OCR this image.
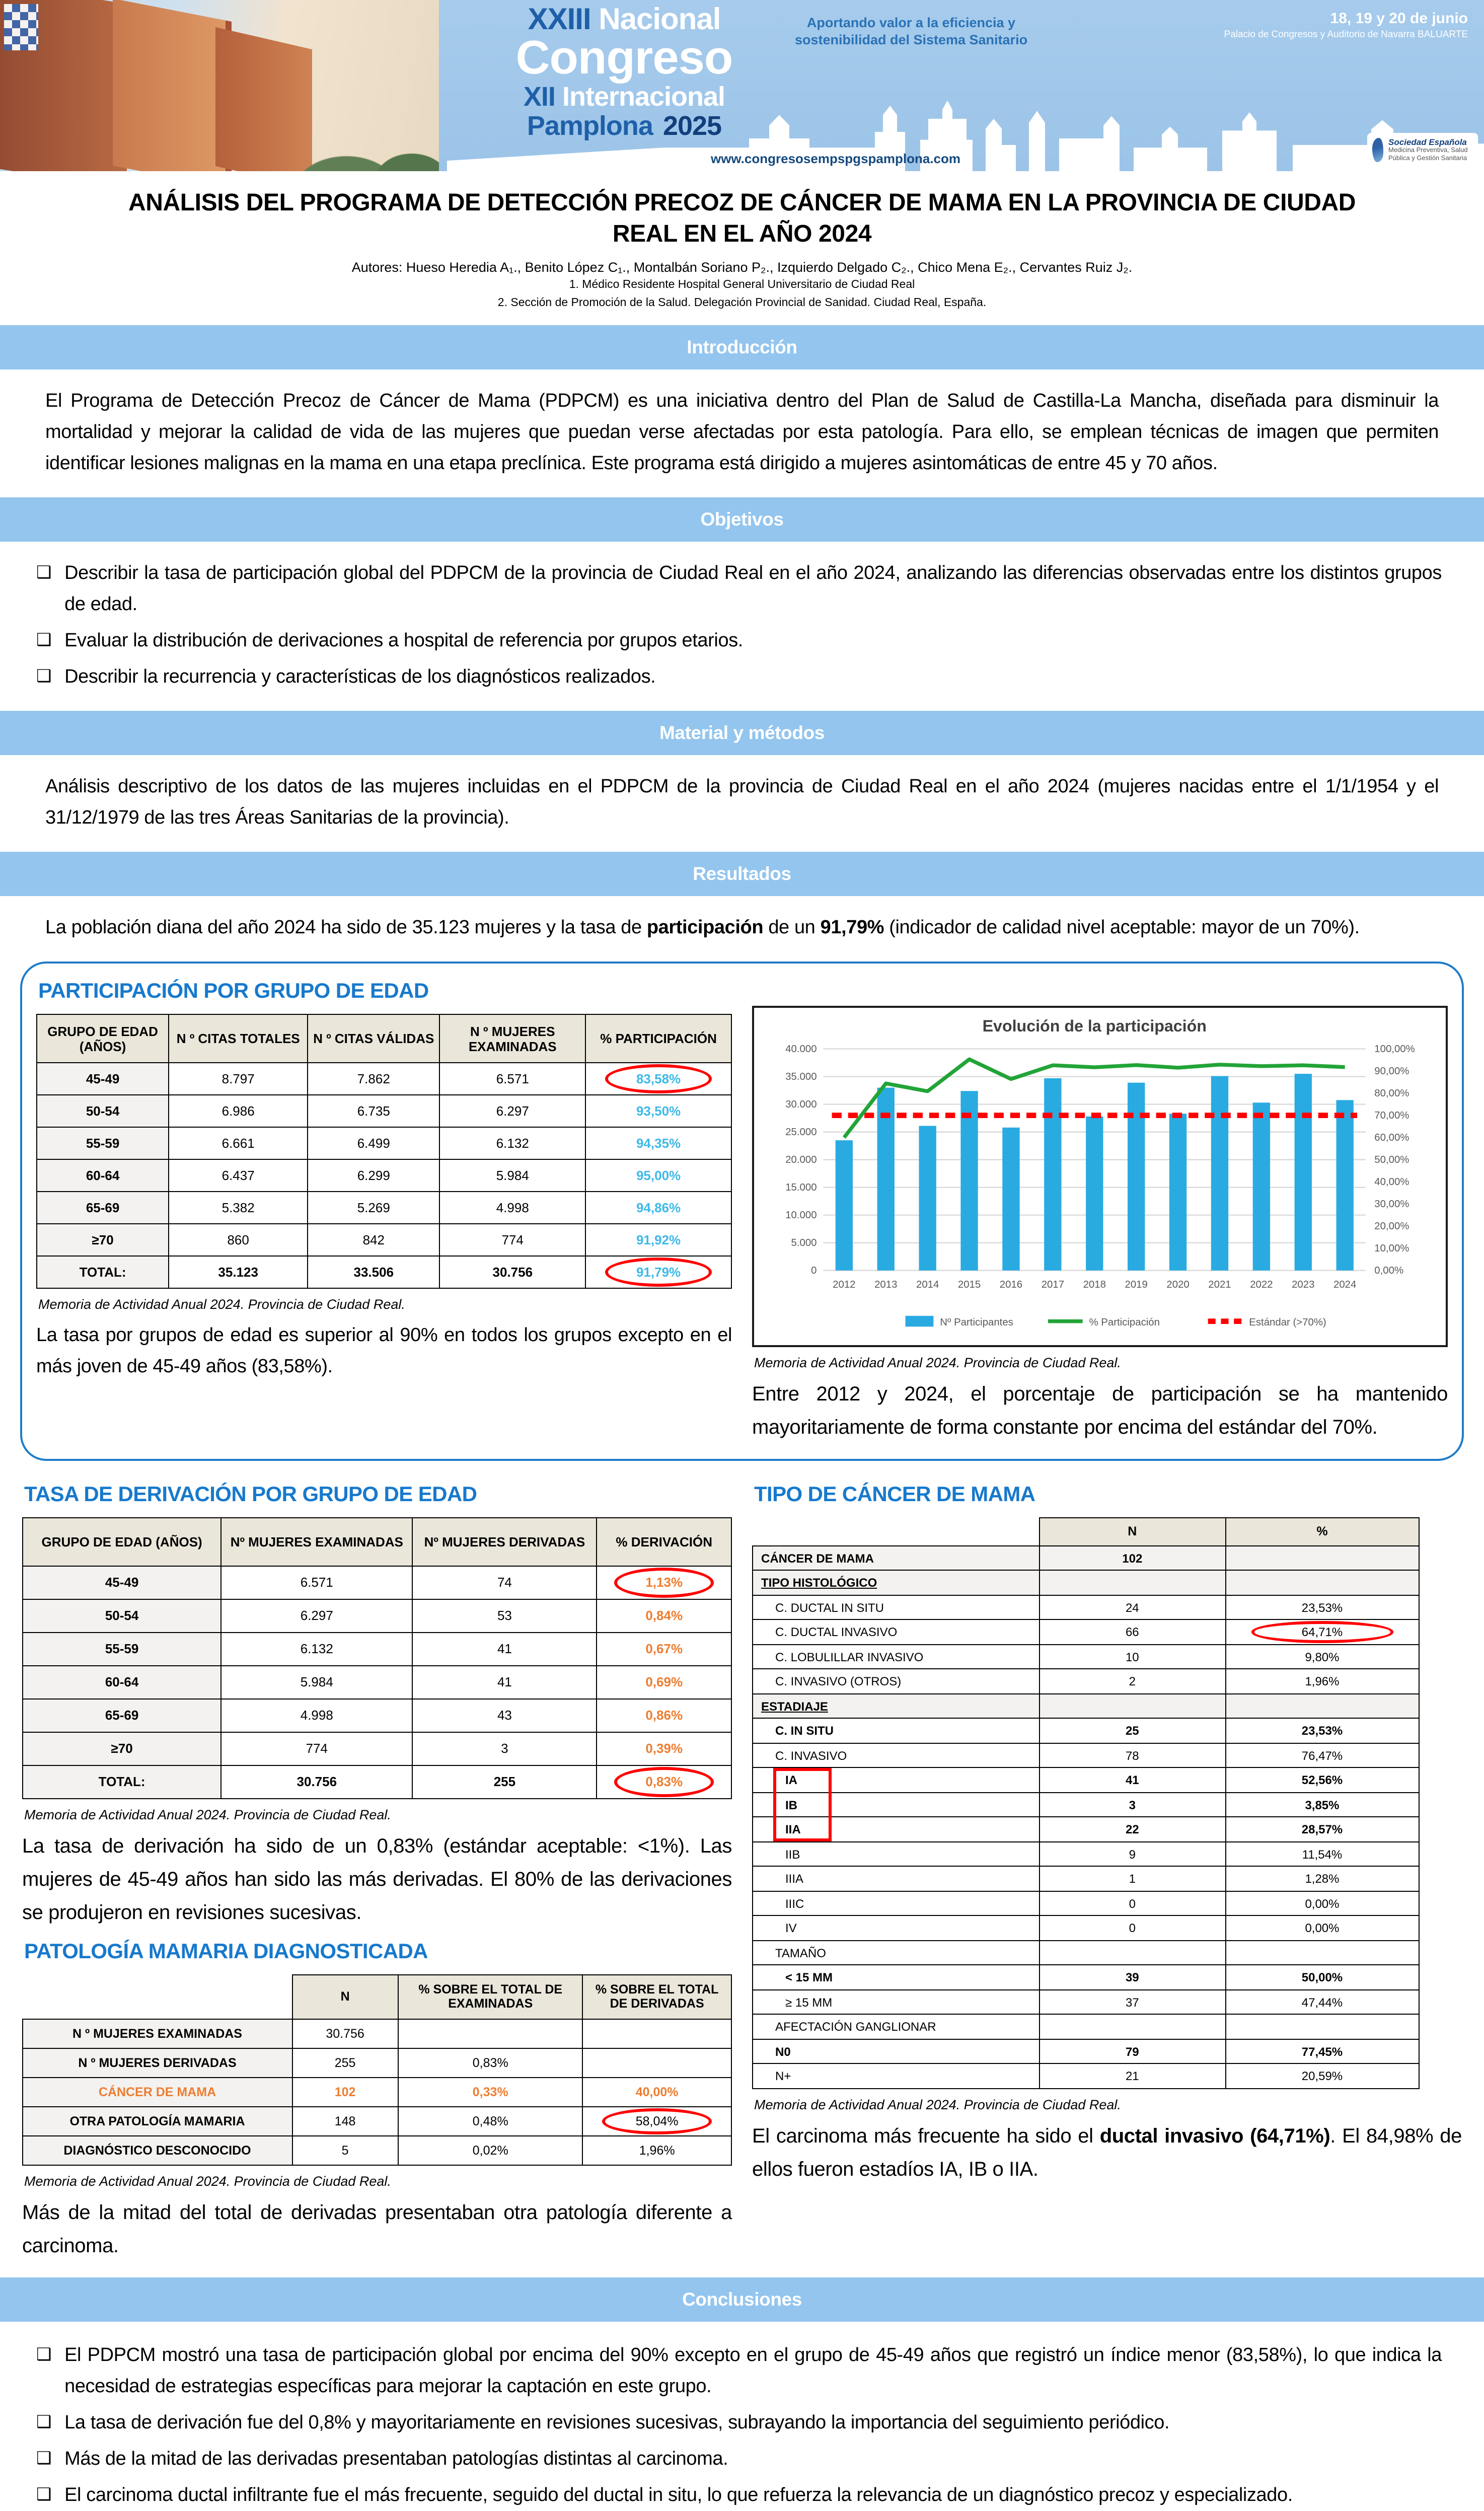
XXIII Nacional
Congreso
XII Internacional
Pamplona 2025
Aportando valor a la eficiencia y sostenibilidad del Sistema Sanitario
18, 19 y 20 de junio
Palacio de Congresos y Auditorio de Navarra BALUARTE
www.congresosempspgspamplona.com
Sociedad Española
Medicina Preventiva, Salud Pública y Gestión Sanitaria
ANÁLISIS DEL PROGRAMA DE DETECCIÓN PRECOZ DE CÁNCER DE MAMA EN LA PROVINCIA DE CIUDAD REAL EN EL AÑO 2024
Autores: Hueso Heredia A₁., Benito López C₁., Montalbán Soriano P₂., Izquierdo Delgado C₂., Chico Mena E₂., Cervantes Ruiz J₂.
1. Médico Residente Hospital General Universitario de Ciudad Real
2. Sección de Promoción de la Salud. Delegación Provincial de Sanidad. Ciudad Real, España.
Introducción

El Programa de Detección Precoz de Cáncer de Mama (PDPCM) es una iniciativa dentro del Plan de Salud de Castilla-La Mancha, diseñada para disminuir la mortalidad y mejorar la calidad de vida de las mujeres que puedan verse afectadas por esta patología. Para ello, se emplean técnicas de imagen que permiten identificar lesiones malignas en la mama en una etapa preclínica. Este programa está dirigido a mujeres asintomáticas de entre 45 y 70 años.

Objetivos
❑ Describir la tasa de participación global del PDPCM de la provincia de Ciudad Real en el año 2024, analizando las diferencias observadas entre los distintos grupos de edad.
❑ Evaluar la distribución de derivaciones a hospital de referencia por grupos etarios.
❑ Describir la recurrencia y características de los diagnósticos realizados.
Material y métodos

Análisis descriptivo de los datos de las mujeres incluidas en el PDPCM de la provincia de Ciudad Real en el año 2024 (mujeres nacidas entre el 1/1/1954 y el 31/12/1979 de las tres Áreas Sanitarias de la provincia).

Resultados

La población diana del año 2024 ha sido de 35.123 mujeres y la tasa de participación de un 91,79% (indicador de calidad nivel aceptable: mayor de un 70%).

PARTICIPACIÓN POR GRUPO DE EDAD
GRUPO DE EDAD (AÑOS)	N º CITAS TOTALES	N º CITAS VÁLIDAS	N º MUJERES EXAMINADAS	% PARTICIPACIÓN
45-49	8.797	7.862	6.571	83,58%

50-54	6.986	6.735	6.297	93,50%
55-59	6.661	6.499	6.132	94,35%
60-64	6.437	6.299	5.984	95,00%
65-69	5.382	5.269	4.998	94,86%
≥70	860	842	774	91,92%
TOTAL:	35.123	33.506	30.756	91,79%
Memoria de Actividad Anual 2024. Provincia de Ciudad Real.

La tasa por grupos de edad es superior al 90% en todos los grupos excepto en el más joven de 45-49 años (83,58%).

0
5.000
10.000
15.000
20.000
25.000
30.000
35.000
40.000
0,00%
10,00%
20,00%
30,00%
40,00%
50,00%
60,00%
70,00%
80,00%
90,00%
100,00%
Evolución de la participación
2012	2013	2014	2015	2016	2017	2018	2019	2020	2021	2022	2023	2024
Nº Participantes	% Participación	Estándar (>70%)
Memoria de Actividad Anual 2024. Provincia de Ciudad Real.

Entre 2012 y 2024, el porcentaje de participación se ha mantenido mayoritariamente de forma constante por encima del estándar del 70%.

TASA DE DERIVACIÓN POR GRUPO DE EDAD
GRUPO DE EDAD (AÑOS)	Nº MUJERES EXAMINADAS	Nº MUJERES DERIVADAS	% DERIVACIÓN
45-49	6.571	74	1,13%

50-54	6.297	53	0,84%
55-59	6.132	41	0,67%
60-64	5.984	41	0,69%
65-69	4.998	43	0,86%
≥70	774	3	0,39%
TOTAL:	30.756	255	0,83%
Memoria de Actividad Anual 2024. Provincia de Ciudad Real.

La tasa de derivación ha sido de un 0,83% (estándar aceptable: <1%). Las mujeres de 45-49 años han sido las más derivadas. El 80% de las derivaciones se produjeron en revisiones sucesivas.

PATOLOGÍA MAMARIA DIAGNOSTICADA
	N	% SOBRE EL TOTAL DE EXAMINADAS	% SOBRE EL TOTAL DE DERIVADAS
N º MUJERES EXAMINADAS	30.756		
N º MUJERES DERIVADAS	255	0,83%	
CÁNCER DE MAMA	102	0,33%	40,00%
OTRA PATOLOGÍA MAMARIA	148	0,48%	58,04%

DIAGNÓSTICO DESCONOCIDO	5	0,02%	1,96%
Memoria de Actividad Anual 2024. Provincia de Ciudad Real.

Más de la mitad del total de derivadas presentaban otra patología diferente a carcinoma.

TIPO DE CÁNCER DE MAMA
	N	%
CÁNCER DE MAMA	102	
TIPO HISTOLÓGICO		
C. DUCTAL IN SITU	24	23,53%
C. DUCTAL INVASIVO	66	64,71%

C. LOBULILLAR INVASIVO	10	9,80%
C. INVASIVO (OTROS)	2	1,96%
ESTADIAJE		
C. IN SITU	25	23,53%
C. INVASIVO	78	76,47%
IA	41	52,56%
IB	3	3,85%
IIA	22	28,57%
IIB	9	11,54%
IIIA	1	1,28%
IIIC	0	0,00%
IV	0	0,00%
TAMAÑO		
< 15 MM	39	50,00%
≥ 15 MM	37	47,44%
AFECTACIÓN GANGLIONAR		
N0	79	77,45%
N+	21	20,59%
Memoria de Actividad Anual 2024. Provincia de Ciudad Real.

El carcinoma más frecuente ha sido el ductal invasivo (64,71%). El 84,98% de ellos fueron estadíos IA, IB o IIA.

Conclusiones
❑ El PDPCM mostró una tasa de participación global por encima del 90% excepto en el grupo de 45-49 años que registró un índice menor (83,58%), lo que indica la necesidad de estrategias específicas para mejorar la captación en este grupo.
❑ La tasa de derivación fue del 0,8% y mayoritariamente en revisiones sucesivas, subrayando la importancia del seguimiento periódico.
❑ Más de la mitad de las derivadas presentaban patologías distintas al carcinoma.
❑ El carcinoma ductal infiltrante fue el más frecuente, seguido del ductal in situ, lo que refuerza la relevancia de un diagnóstico precoz y especializado.
